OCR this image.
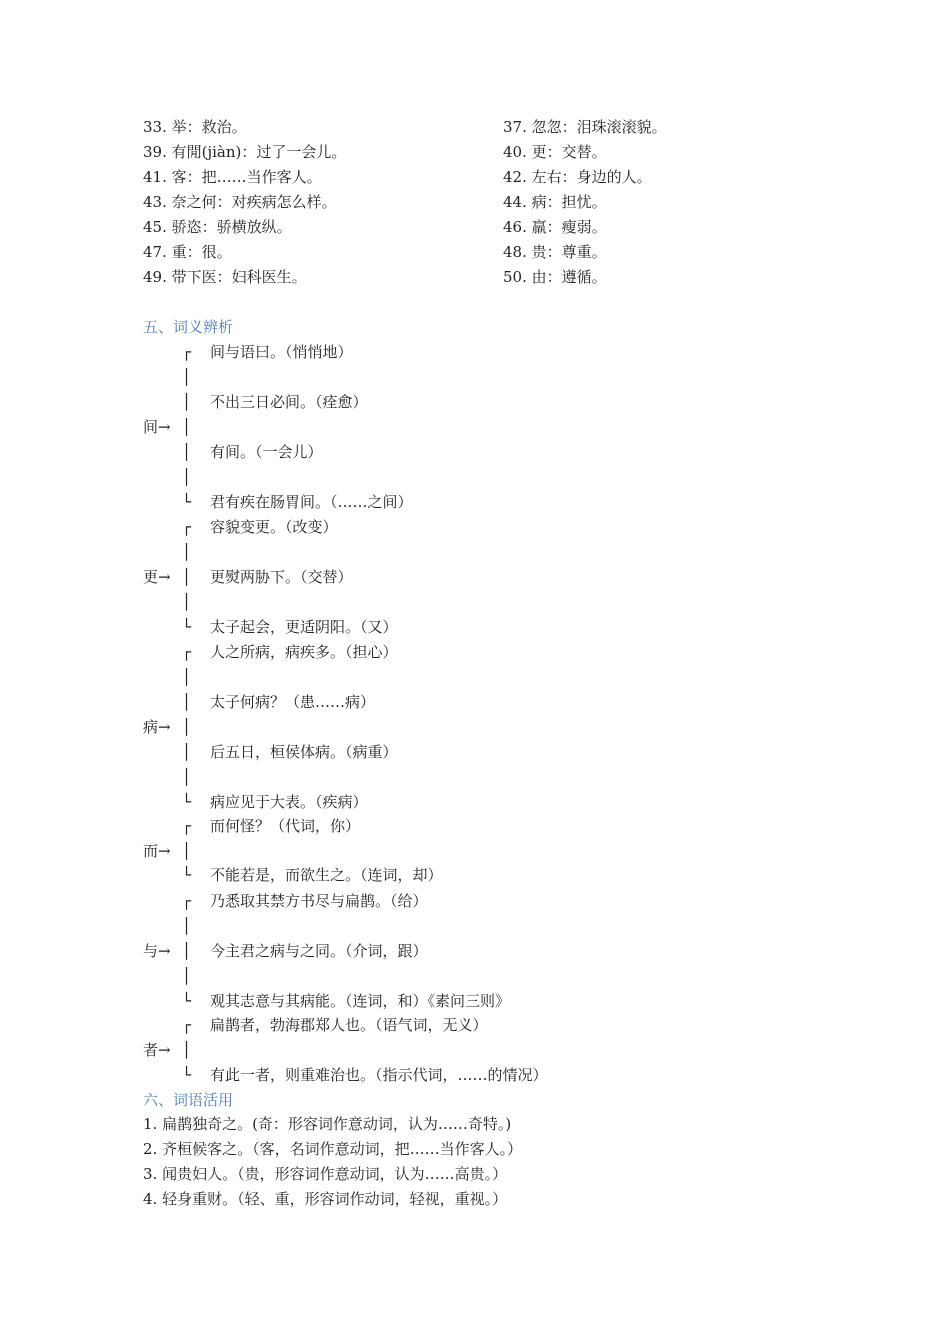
33. 举：救治。
39. 有閒(jiàn)：过了一会儿。
41. 客：把……当作客人。
43. 奈之何：对疾病怎么样。
45. 骄恣：骄横放纵。
47. 重：很。
49. 带下医：妇科医生。
37. 忽忽：泪珠滚滚貌。
40. 更：交替。
42. 左右：身边的人。
44. 病：担忧。
46. 羸：瘦弱。
48. 贵：尊重。
50. 由：遵循。
五、词义辨析
┌ 间与语曰。（悄悄地）
│
│ 不出三日必间。（痊愈）
间→ │
│ 有间。（一会儿）
│
└ 君有疾在肠胃间。（……之间）
┌ 容貌变更。（改变）
│
更→ │ 更熨两胁下。（交替）
│
└ 太子起会，更适阴阳。（又）
┌ 人之所病，病疾多。（担心）
│
│ 太子何病？（患……病）
病→ │
│ 后五日，桓侯体病。（病重）
│
└ 病应见于大表。（疾病）
┌ 而何怪？（代词，你）
而→ │
└ 不能若是，而欲生之。（连词，却）
┌ 乃悉取其禁方书尽与扁鹊。（给）
│
与→ │ 今主君之病与之同。（介词，跟）
│
└ 观其志意与其病能。（连词，和）《素问三则》
┌ 扁鹊者，勃海郡郑人也。（语气词，无义）
者→ │
└ 有此一者，则重难治也。（指示代词，……的情况）
六、词语活用
1. 扁鹊独奇之。(奇：形容词作意动词，认为……奇特。)
2. 齐桓候客之。（客，名词作意动词，把……当作客人。）
3. 闻贵妇人。（贵，形容词作意动词，认为……高贵。）
4. 轻身重财。（轻、重，形容词作动词，轻视，重视。）
